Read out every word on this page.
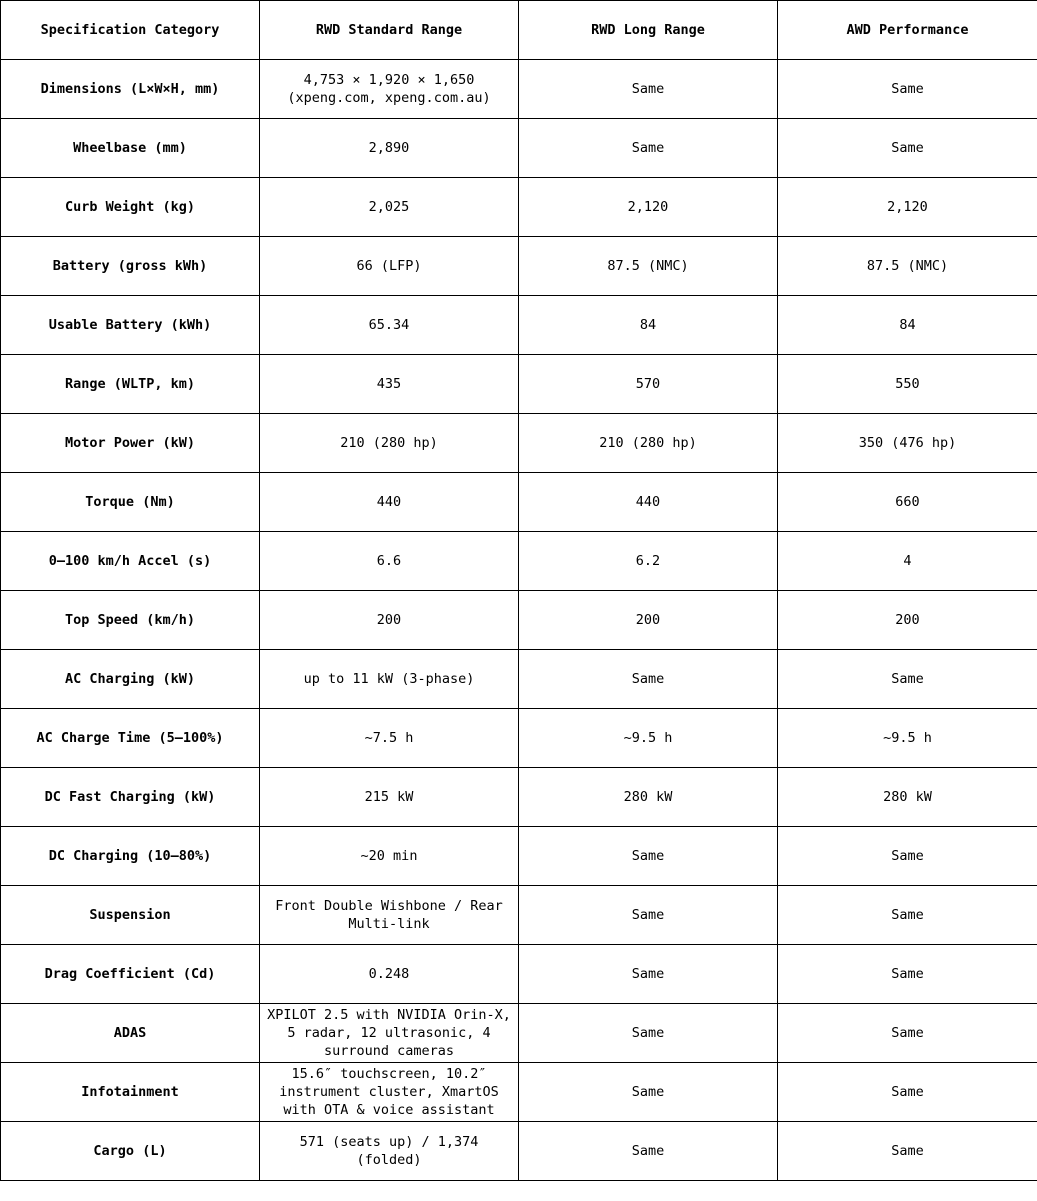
Specification Category	RWD Standard Range	RWD Long Range	AWD Performance
Dimensions (L×W×H, mm)	4,753 × 1,920 × 1,650 (xpeng.com, xpeng.com.au)	Same	Same
Wheelbase (mm)	2,890	Same	Same
Curb Weight (kg)	2,025	2,120	2,120
Battery (gross kWh)	66 (LFP)	87.5 (NMC)	87.5 (NMC)
Usable Battery (kWh)	65.34	84	84
Range (WLTP, km)	435	570	550
Motor Power (kW)	210 (280 hp)	210 (280 hp)	350 (476 hp)
Torque (Nm)	440	440	660
0–100 km/h Accel (s)	6.6	6.2	4
Top Speed (km/h)	200	200	200
AC Charging (kW)	up to 11 kW (3-phase)	Same	Same
AC Charge Time (5–100%)	~7.5 h	~9.5 h	~9.5 h
DC Fast Charging (kW)	215 kW	280 kW	280 kW
DC Charging (10–80%)	~20 min	Same	Same
Suspension	Front Double Wishbone / Rear Multi-link	Same	Same
Drag Coefficient (Cd)	0.248	Same	Same
ADAS	XPILOT 2.5 with NVIDIA Orin-X, 5 radar, 12 ultrasonic, 4 surround cameras	Same	Same
Infotainment	15.6″ touchscreen, 10.2″ instrument cluster, XmartOS with OTA & voice assistant	Same	Same
Cargo (L)	571 (seats up) / 1,374 (folded)	Same	Same
